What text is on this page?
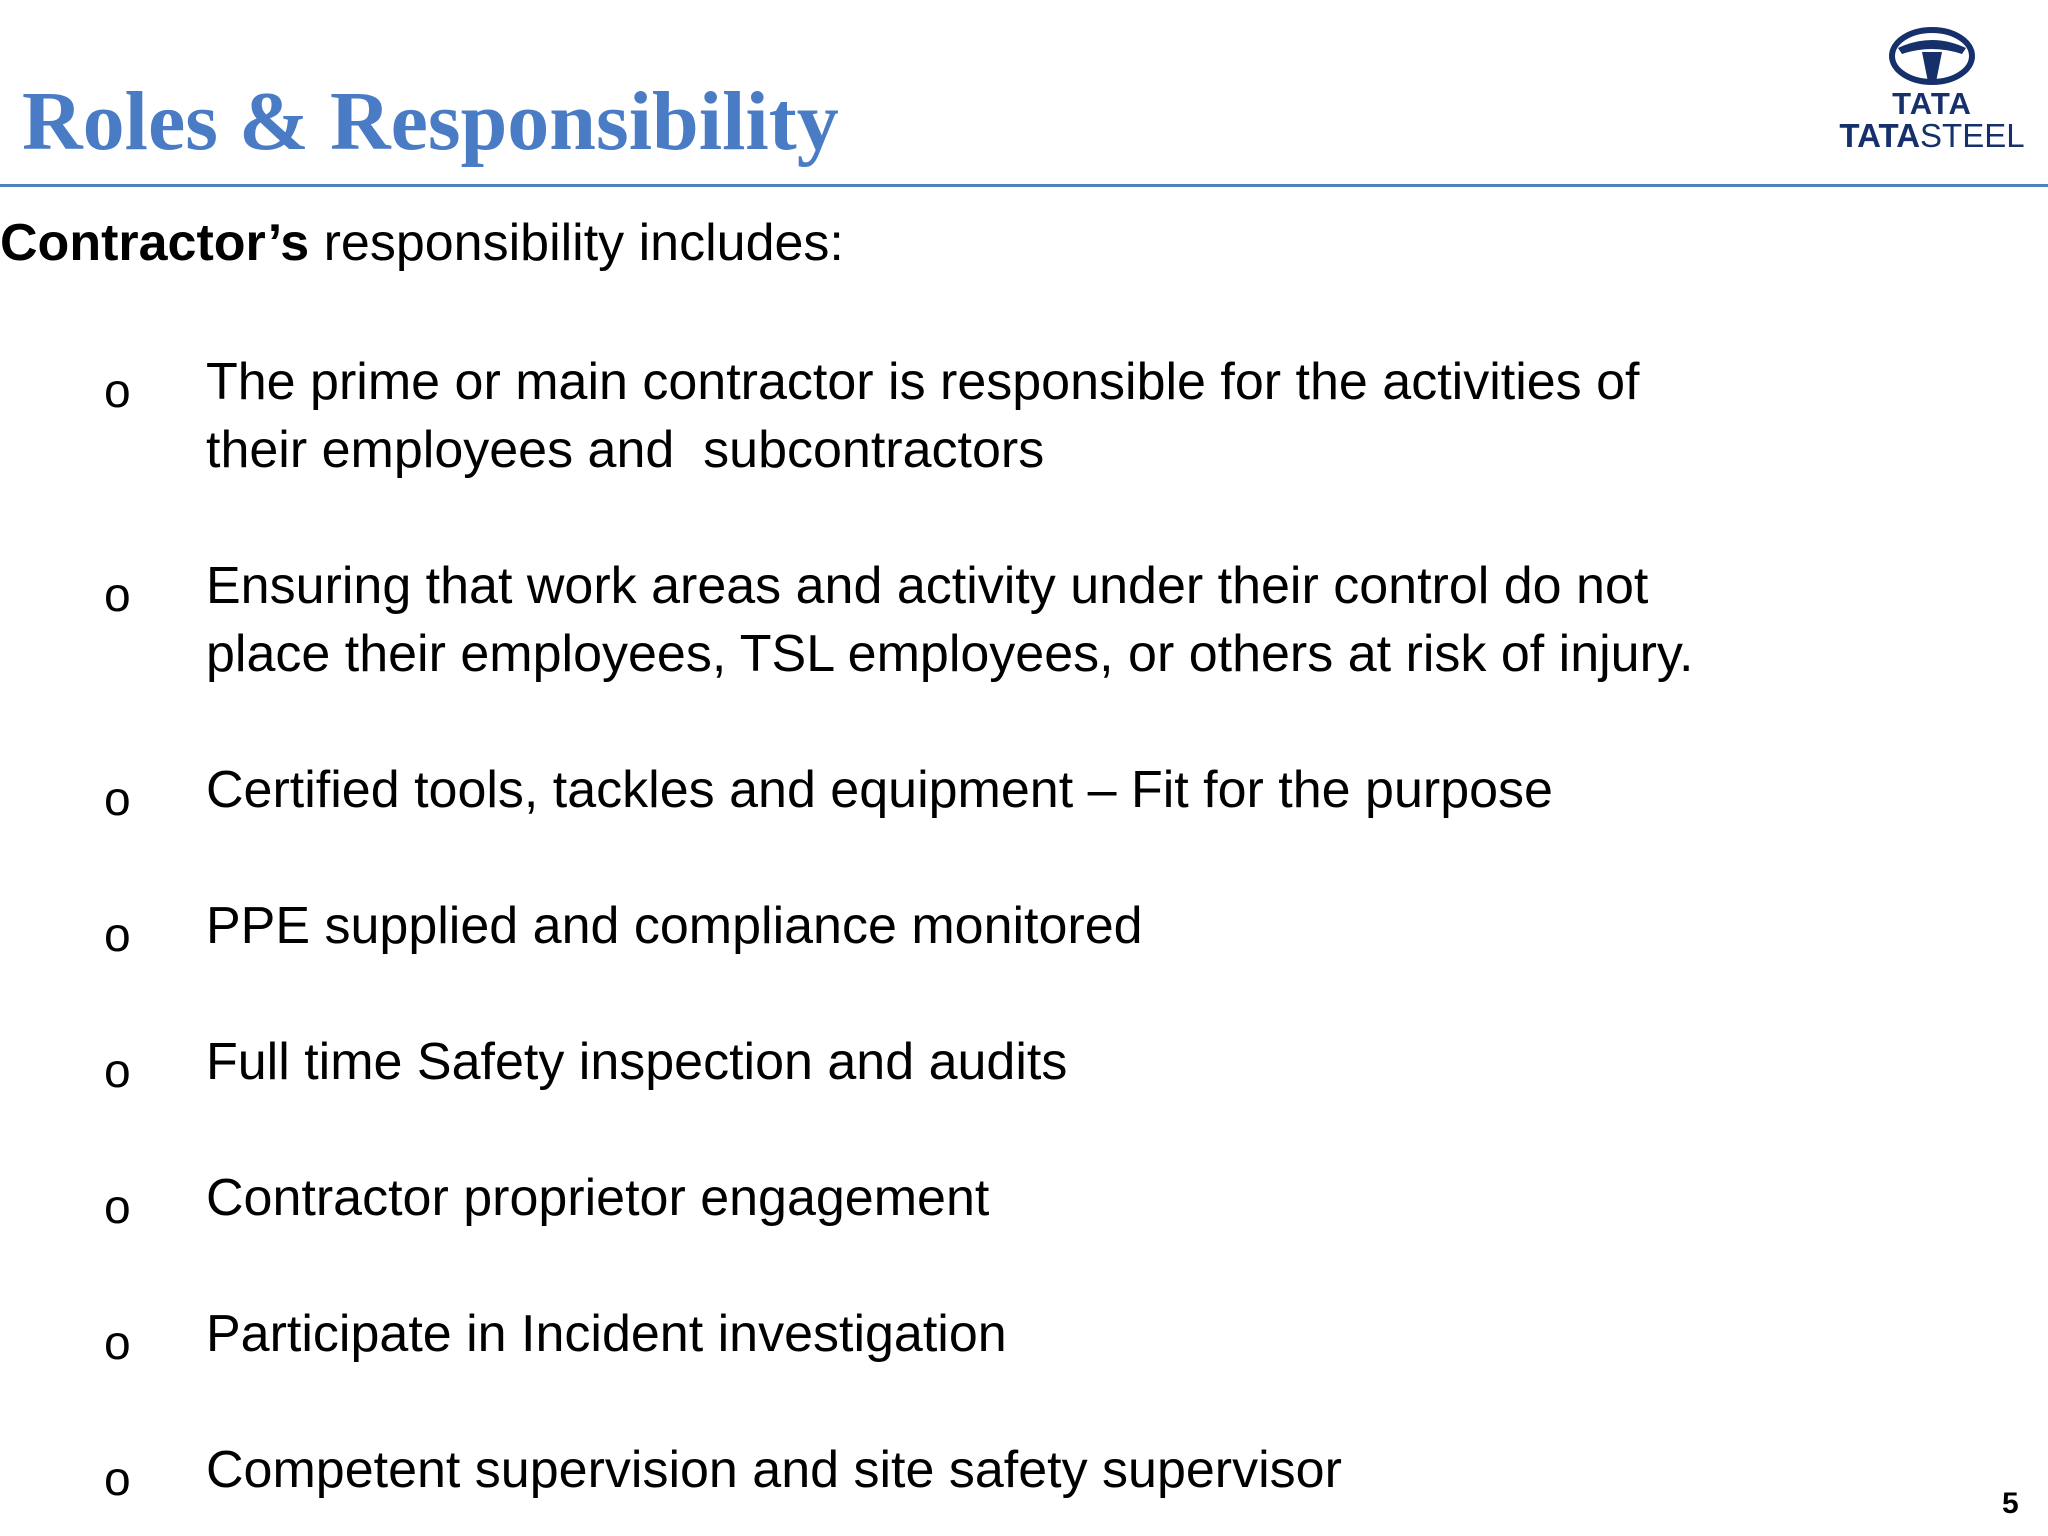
Roles & Responsibility	TATA
TATASTEEL

Contractor’s responsibility includes:

o The prime or main contractor is responsible for the activities of
their employees and  subcontractors
o Ensuring that work areas and activity under their control do not
place their employees, TSL employees, or others at risk of injury.
o Certified tools, tackles and equipment – Fit for the purpose
o PPE supplied and compliance monitored
o Full time Safety inspection and audits
o Contractor proprietor engagement
o Participate in Incident investigation
o Competent supervision and site safety supervisor
5
